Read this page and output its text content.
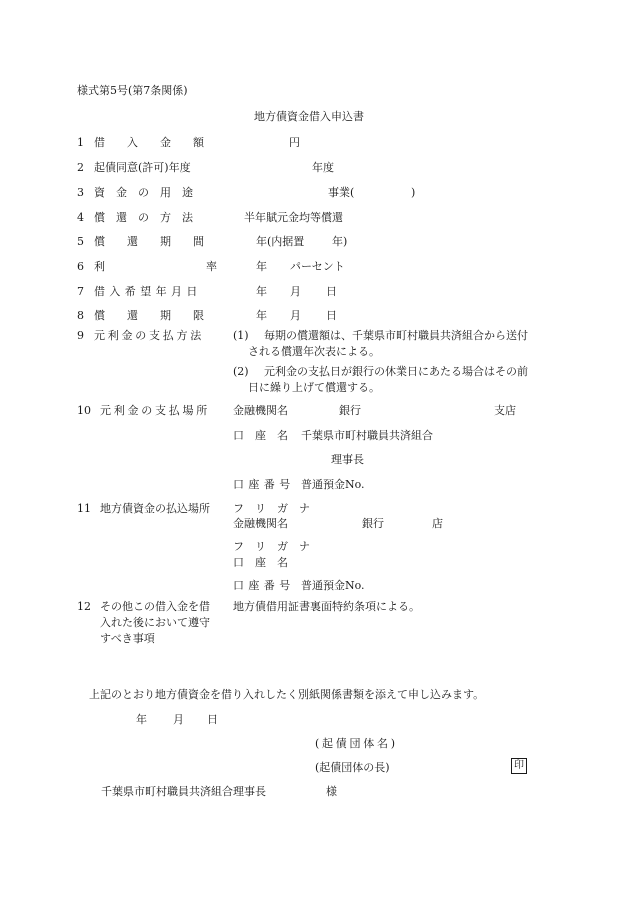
様式第5号(第7条関係)
地方債資金借入申込書
1 借　　入　　金　　額	円
2 起債同意(許可)年度	年度
3 資　金　の　用　途	事業(	)
4 償　還　の　方　法	半年賦元金均等償還
5 償　　還　　期　　間	年(内据置	年)
6 利	率	年 パーセント
7 借入希望年月日	年 月 日
8 償　　還　　期　　限	年 月 日
9 元利金の支払方法	(1) 毎期の償還額は、千葉県市町村職員共済組合から送付
される償還年次表による。
(2) 元利金の支払日が銀行の休業日にあたる場合はその前
日に繰り上げて償還する。
10 元利金の支払場所 金融機関名	銀行	支店
口　座　名 千葉県市町村職員共済組合
理事長
口座番号 普通預金No.
11 地方債資金の払込場所 フ　リ　ガ　ナ
金融機関名	銀行	店
フ　リ　ガ　ナ
口　座　名
口座番号 普通預金No.
12 その他この借入金を借
入れた後において遵守
すべき事項
地方債借用証書裏面特約条項による。
上記のとおり地方債資金を借り入れしたく別紙関係書類を添えて申し込みます。
年 月 日
(起債団体名)
(起債団体の長)	印
千葉県市町村職員共済組合理事長	様
